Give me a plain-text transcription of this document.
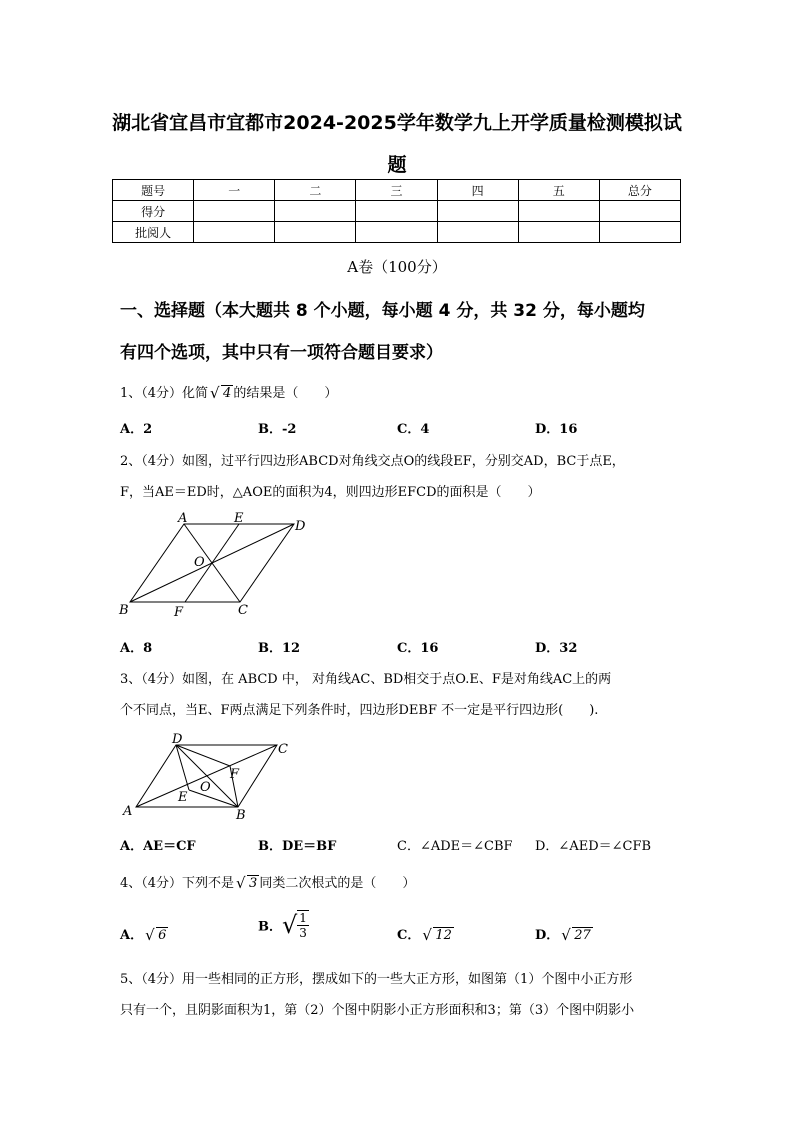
湖北省宜昌市宜都市2024-2025学年数学九上开学质量检测模拟试
题
题号	一	二	三	四	五	总分
得分						
批阅人						
A卷（100分）
一、选择题（本大题共 8 个小题，每小题 4 分，共 32 分，每小题均
有四个选项，其中只有一项符合题目要求）
1、（4分）化简 √ 4 的结果是（　　）
A．2	B．-2	C．4	D．16
2、（4分）如图，过平行四边形ABCD对角线交点O的线段EF，分别交AD，BC于点E，
F，当AE＝ED时，△AOE的面积为4，则四边形EFCD的面积是（　　）
A	E
D
O
B	F	C
A．8	B．12	C．16	D．32
3、（4分）如图，在 ABCD 中， 对角线AC、BD相交于点O.E、F是对角线AC上的两
个不同点，当E、F两点满足下列条件时，四边形DEBF 不一定是平行四边形(　　).
D
C
F
O
E
A	B
A．AE＝CF	B．DE＝BF	C．∠ADE＝∠CBF D．∠AED＝∠CFB
4、（4分）下列不是 √ 3 同类二次根式的是（　　）
A． √ 6
B．√ $\frac{1}{3}$	C． √ 12	D． √ 27
5、（4分）用一些相同的正方形，摆成如下的一些大正方形，如图第（1）个图中小正方形
只有一个，且阴影面积为1，第（2）个图中阴影小正方形面积和3；第（3）个图中阴影小
